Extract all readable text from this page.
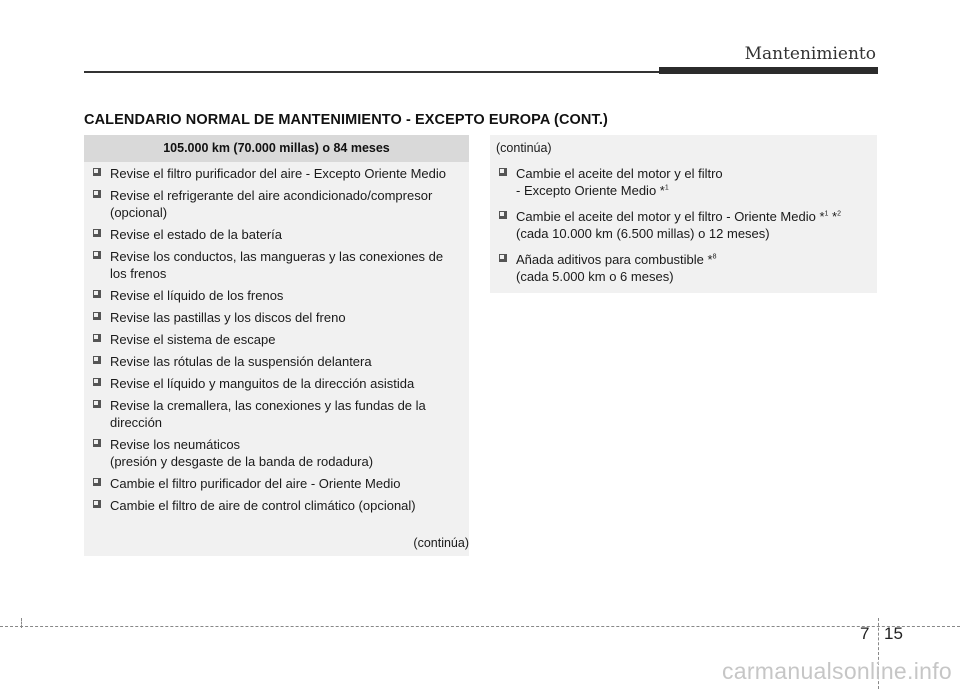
Mantenimiento
CALENDARIO NORMAL DE MANTENIMIENTO - EXCEPTO EUROPA (CONT.)
105.000 km (70.000 millas) o 84 meses
Revise el filtro purificador del aire - Excepto Oriente Medio
Revise el refrigerante del aire acondicionado/compresor
(opcional)
Revise el estado de la batería
Revise los conductos, las mangueras y las conexiones de
los frenos
Revise el líquido de los frenos
Revise las pastillas y los discos del freno
Revise el sistema de escape
Revise las rótulas de la suspensión delantera
Revise el líquido y manguitos de la dirección asistida
Revise la cremallera, las conexiones y las fundas de la
dirección
Revise los neumáticos
(presión y desgaste de la banda de rodadura)
Cambie el filtro purificador del aire - Oriente Medio
Cambie el filtro de aire de control climático (opcional)
(continúa)
(continúa)
Cambie el aceite del motor y el filtro
- Excepto Oriente Medio *$^1$
Cambie el aceite del motor y el filtro - Oriente Medio *$^1$ *$^2$
(cada 10.000 km (6.500 millas) o 12 meses)
Añada aditivos para combustible *$^8$
(cada 5.000 km o 6 meses)
7 15
carmanualsonline.info
